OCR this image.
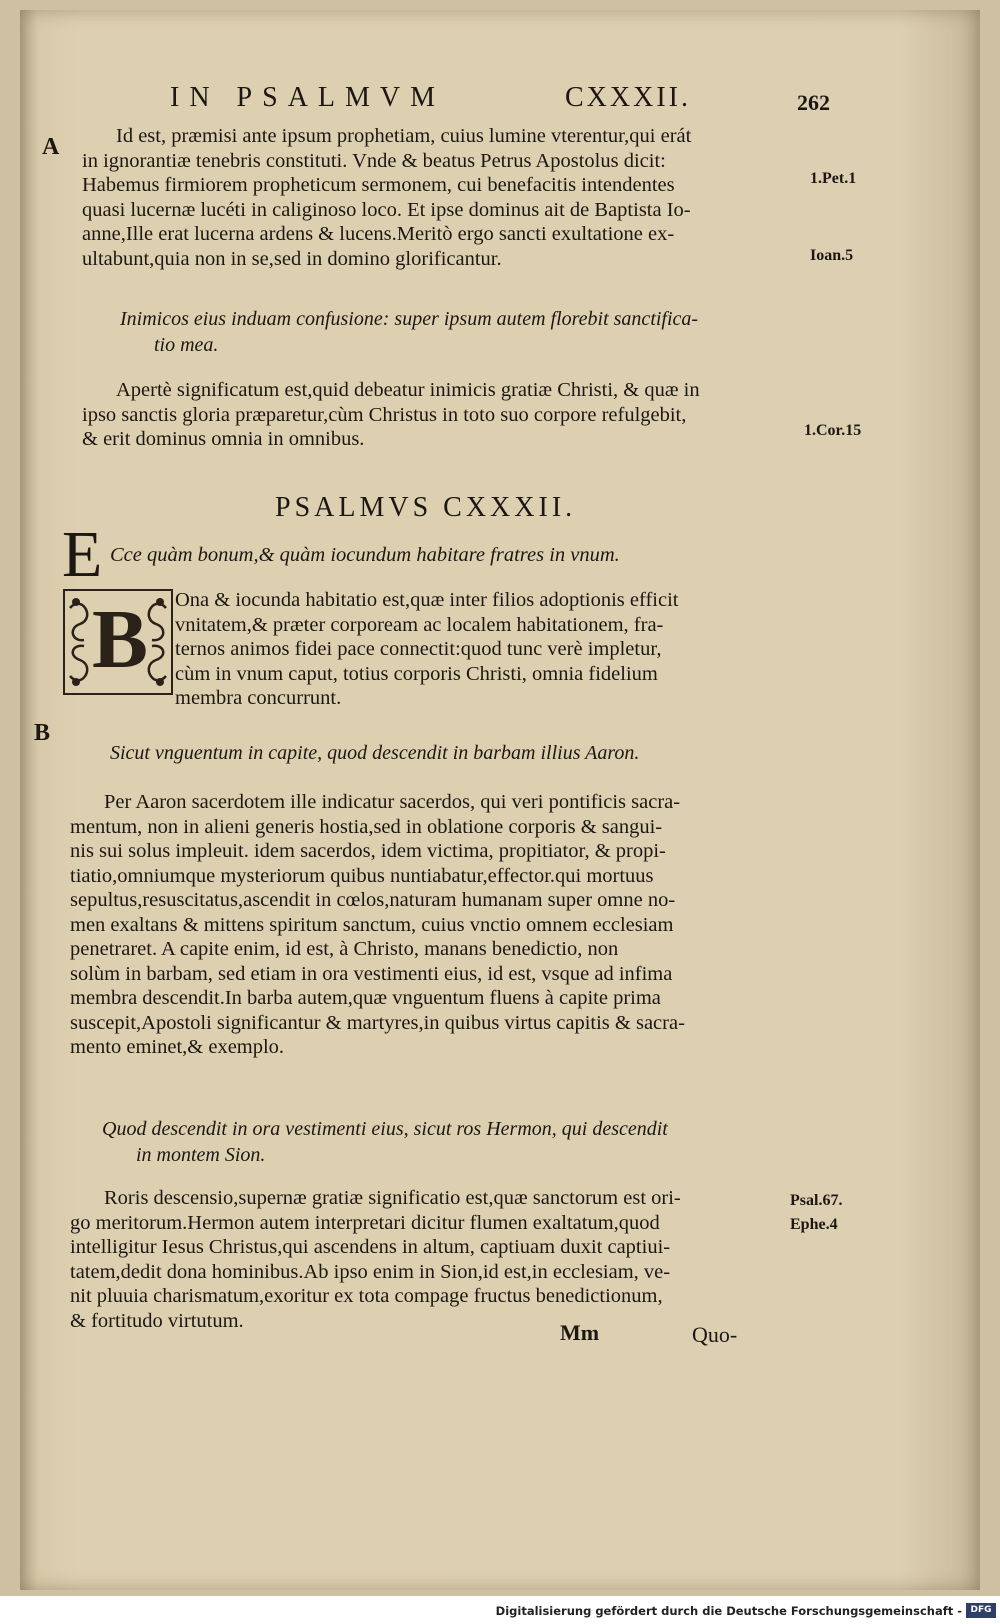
IN PSALMVM	CXXXII.	262
A
B
1.Pet.1
Ioan.5
1.Cor.15
Psal.67.
Ephe.4
Id est, præmisi ante ipsum prophetiam, cuius lumine vterentur,qui erát
in ignorantiæ tenebris constituti. Vnde & beatus Petrus Apostolus dicit:
Habemus firmiorem propheticum sermonem, cui benefacitis intendentes
quasi lucernæ lucéti in caliginoso loco. Et ipse dominus ait de Baptista Io-
anne,Ille erat lucerna ardens & lucens.Meritò ergo sancti exultatione ex-
ultabunt,quia non in se,sed in domino glorificantur.
Inimicos eius induam confusione: super ipsum autem florebit sanctifica-
tio mea.
Apertè significatum est,quid debeatur inimicis gratiæ Christi, & quæ in
ipso sanctis gloria præparetur,cùm Christus in toto suo corpore refulgebit,
& erit dominus omnia in omnibus.
PSALMVS CXXXII.
E Cce quàm bonum,& quàm iocundum habitare fratres in vnum.
B Ona & iocunda habitatio est,quæ inter filios adoptionis efficit
vnitatem,& præter corpoream ac localem habitationem, fra-
ternos animos fidei pace connectit:quod tunc verè impletur,
cùm in vnum caput, totius corporis Christi, omnia fidelium
membra concurrunt.
Sicut vnguentum in capite, quod descendit in barbam illius Aaron.
Per Aaron sacerdotem ille indicatur sacerdos, qui veri pontificis sacra-
mentum, non in alieni generis hostia,sed in oblatione corporis & sangui-
nis sui solus impleuit. idem sacerdos, idem victima, propitiator, & propi-
tiatio,omniumque mysteriorum quibus nuntiabatur,effector.qui mortuus
sepultus,resuscitatus,ascendit in cœlos,naturam humanam super omne no-
men exaltans & mittens spiritum sanctum, cuius vnctio omnem ecclesiam
penetraret. A capite enim, id est, à Christo, manans benedictio, non
solùm in barbam, sed etiam in ora vestimenti eius, id est, vsque ad infima
membra descendit.In barba autem,quæ vnguentum fluens à capite prima
suscepit,Apostoli significantur & martyres,in quibus virtus capitis & sacra-
mento eminet,& exemplo.
Quod descendit in ora vestimenti eius, sicut ros Hermon, qui descendit
in montem Sion.
Roris descensio,supernæ gratiæ significatio est,quæ sanctorum est ori-
go meritorum.Hermon autem interpretari dicitur flumen exaltatum,quod
intelligitur Iesus Christus,qui ascendens in altum, captiuam duxit captiui-
tatem,dedit dona hominibus.Ab ipso enim in Sion,id est,in ecclesiam, ve-
nit pluuia charismatum,exoritur ex tota compage fructus benedictionum,
& fortitudo virtutum.	Mm	Quo-
Digitalisierung gefördert durch die Deutsche Forschungsgemeinschaft - DFG
